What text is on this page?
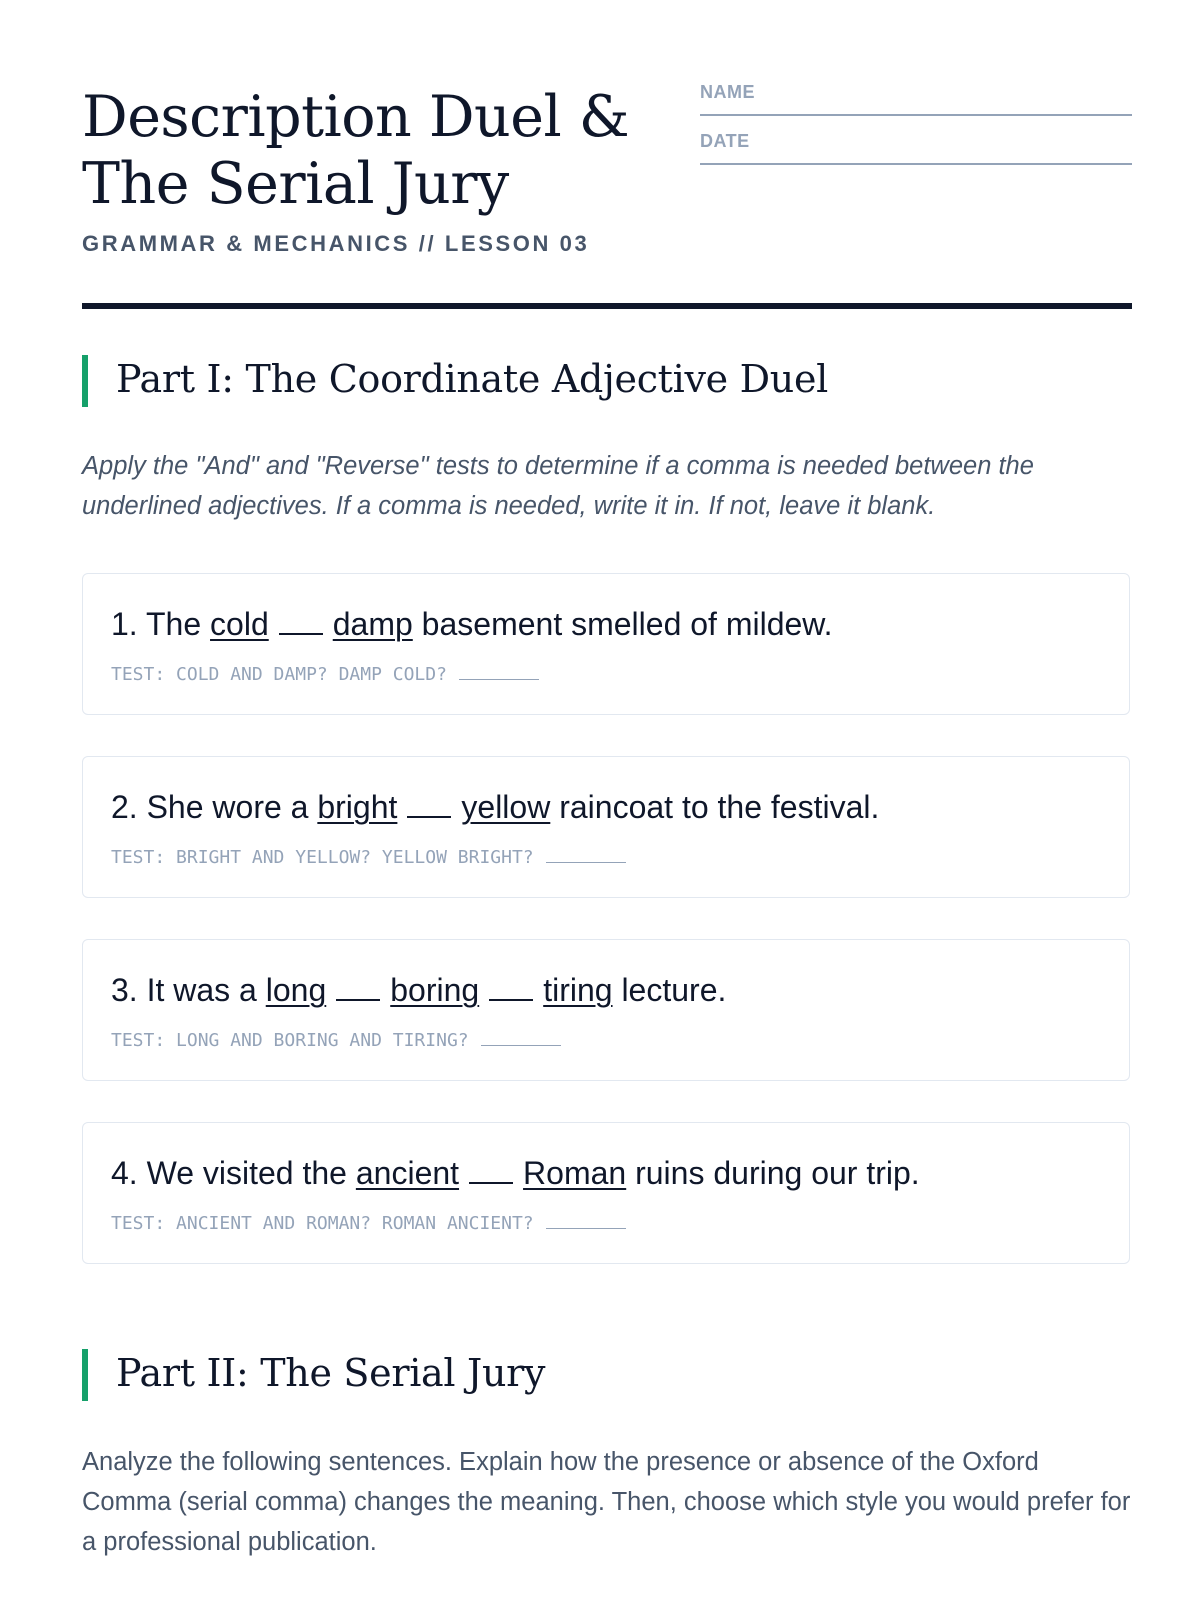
Description Duel & The Serial Jury
GRAMMAR & MECHANICS // LESSON 03
NAME
DATE
Part I: The Coordinate Adjective Duel

Apply the "And" and "Reverse" tests to determine if a comma is needed between the underlined adjectives. If a comma is needed, write it in. If not, leave it blank.

1. The cold damp basement smelled of mildew.
TEST: COLD AND DAMP? DAMP COLD?
2. She wore a bright yellow raincoat to the festival.
TEST: BRIGHT AND YELLOW? YELLOW BRIGHT?
3. It was a long boring tiring lecture.
TEST: LONG AND BORING AND TIRING?
4. We visited the ancient Roman ruins during our trip.
TEST: ANCIENT AND ROMAN? ROMAN ANCIENT?
Part II: The Serial Jury

Analyze the following sentences. Explain how the presence or absence of the Oxford Comma (serial comma) changes the meaning. Then, choose which style you would prefer for a professional publication.
